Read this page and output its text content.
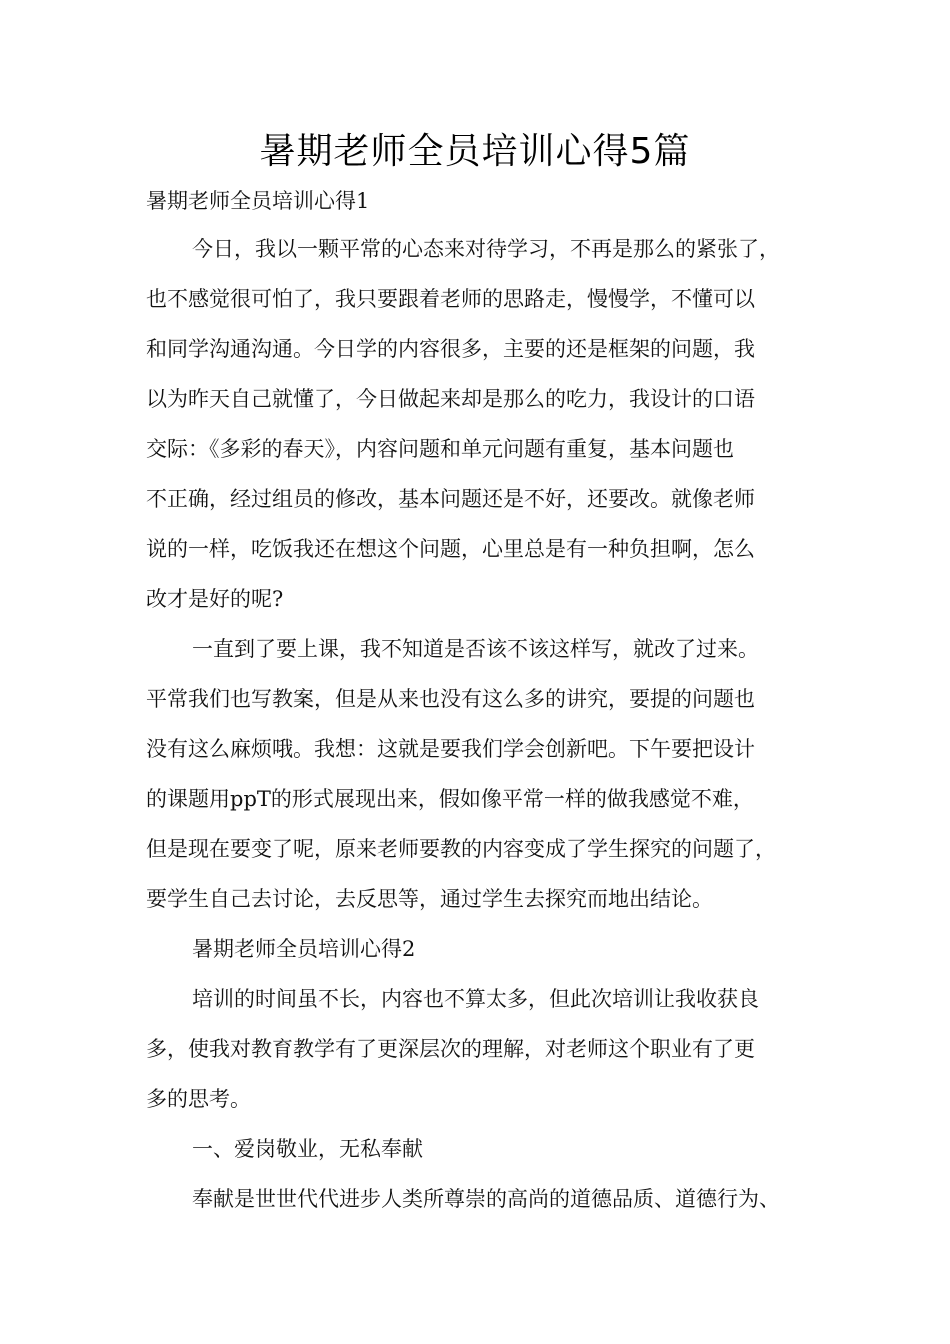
暑期老师全员培训心得5篇
暑期老师全员培训心得1
今日，我以一颗平常的心态来对待学习，不再是那么的紧张了，
也不感觉很可怕了，我只要跟着老师的思路走，慢慢学，不懂可以
和同学沟通沟通。今日学的内容很多，主要的还是框架的问题，我
以为昨天自己就懂了，今日做起来却是那么的吃力，我设计的口语
交际：《多彩的春天》，内容问题和单元问题有重复，基本问题也
不正确，经过组员的修改，基本问题还是不好，还要改。就像老师
说的一样，吃饭我还在想这个问题，心里总是有一种负担啊，怎么
改才是好的呢?
一直到了要上课，我不知道是否该不该这样写，就改了过来。
平常我们也写教案，但是从来也没有这么多的讲究，要提的问题也
没有这么麻烦哦。我想：这就是要我们学会创新吧。下午要把设计
的课题用ppT的形式展现出来，假如像平常一样的做我感觉不难，
但是现在要变了呢，原来老师要教的内容变成了学生探究的问题了，
要学生自己去讨论，去反思等，通过学生去探究而地出结论。
暑期老师全员培训心得2
培训的时间虽不长，内容也不算太多，但此次培训让我收获良
多，使我对教育教学有了更深层次的理解，对老师这个职业有了更
多的思考。
一、爱岗敬业，无私奉献
奉献是世世代代进步人类所尊崇的高尚的道德品质、道德行为、
